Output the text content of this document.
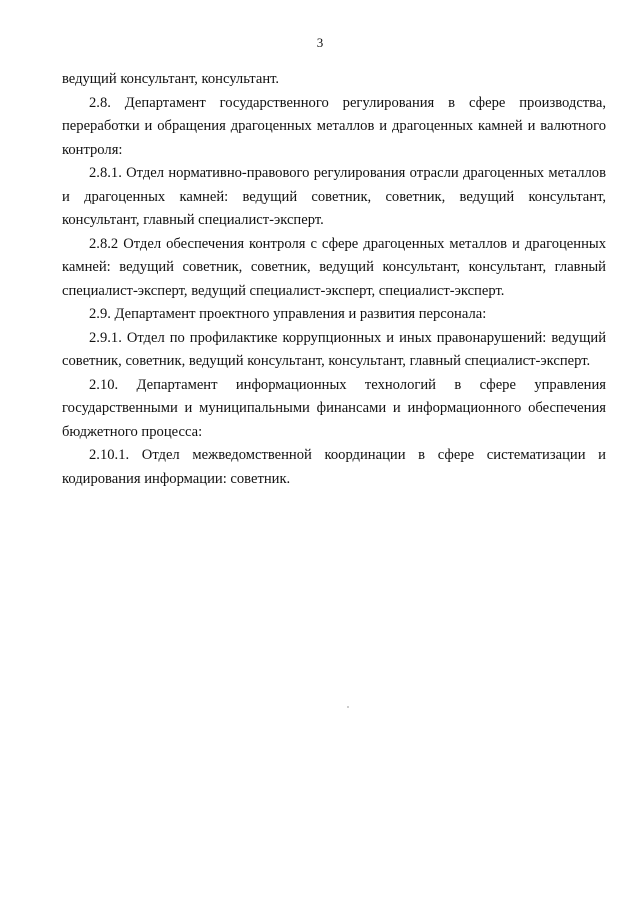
3

ведущий консультант, консультант.

2.8. Департамент государственного регулирования в сфере производства, переработки и обращения драгоценных металлов и драгоценных камней и валютного контроля:

2.8.1. Отдел нормативно-правового регулирования отрасли драгоценных металлов и драгоценных камней: ведущий советник, советник, ведущий консультант, консультант, главный специалист-эксперт.

2.8.2 Отдел обеспечения контроля с сфере драгоценных металлов и драгоценных камней: ведущий советник, советник, ведущий консультант, консультант, главный специалист-эксперт, ведущий специалист-эксперт, специалист-эксперт.

2.9. Департамент проектного управления и развития персонала:

2.9.1. Отдел по профилактике коррупционных и иных правонарушений: ведущий советник, советник, ведущий консультант, консультант, главный специалист-эксперт.

2.10. Департамент информационных технологий в сфере управления государственными и муниципальными финансами и информационного обеспечения бюджетного процесса:

2.10.1. Отдел межведомственной координации в сфере систематизации и кодирования информации: советник.
